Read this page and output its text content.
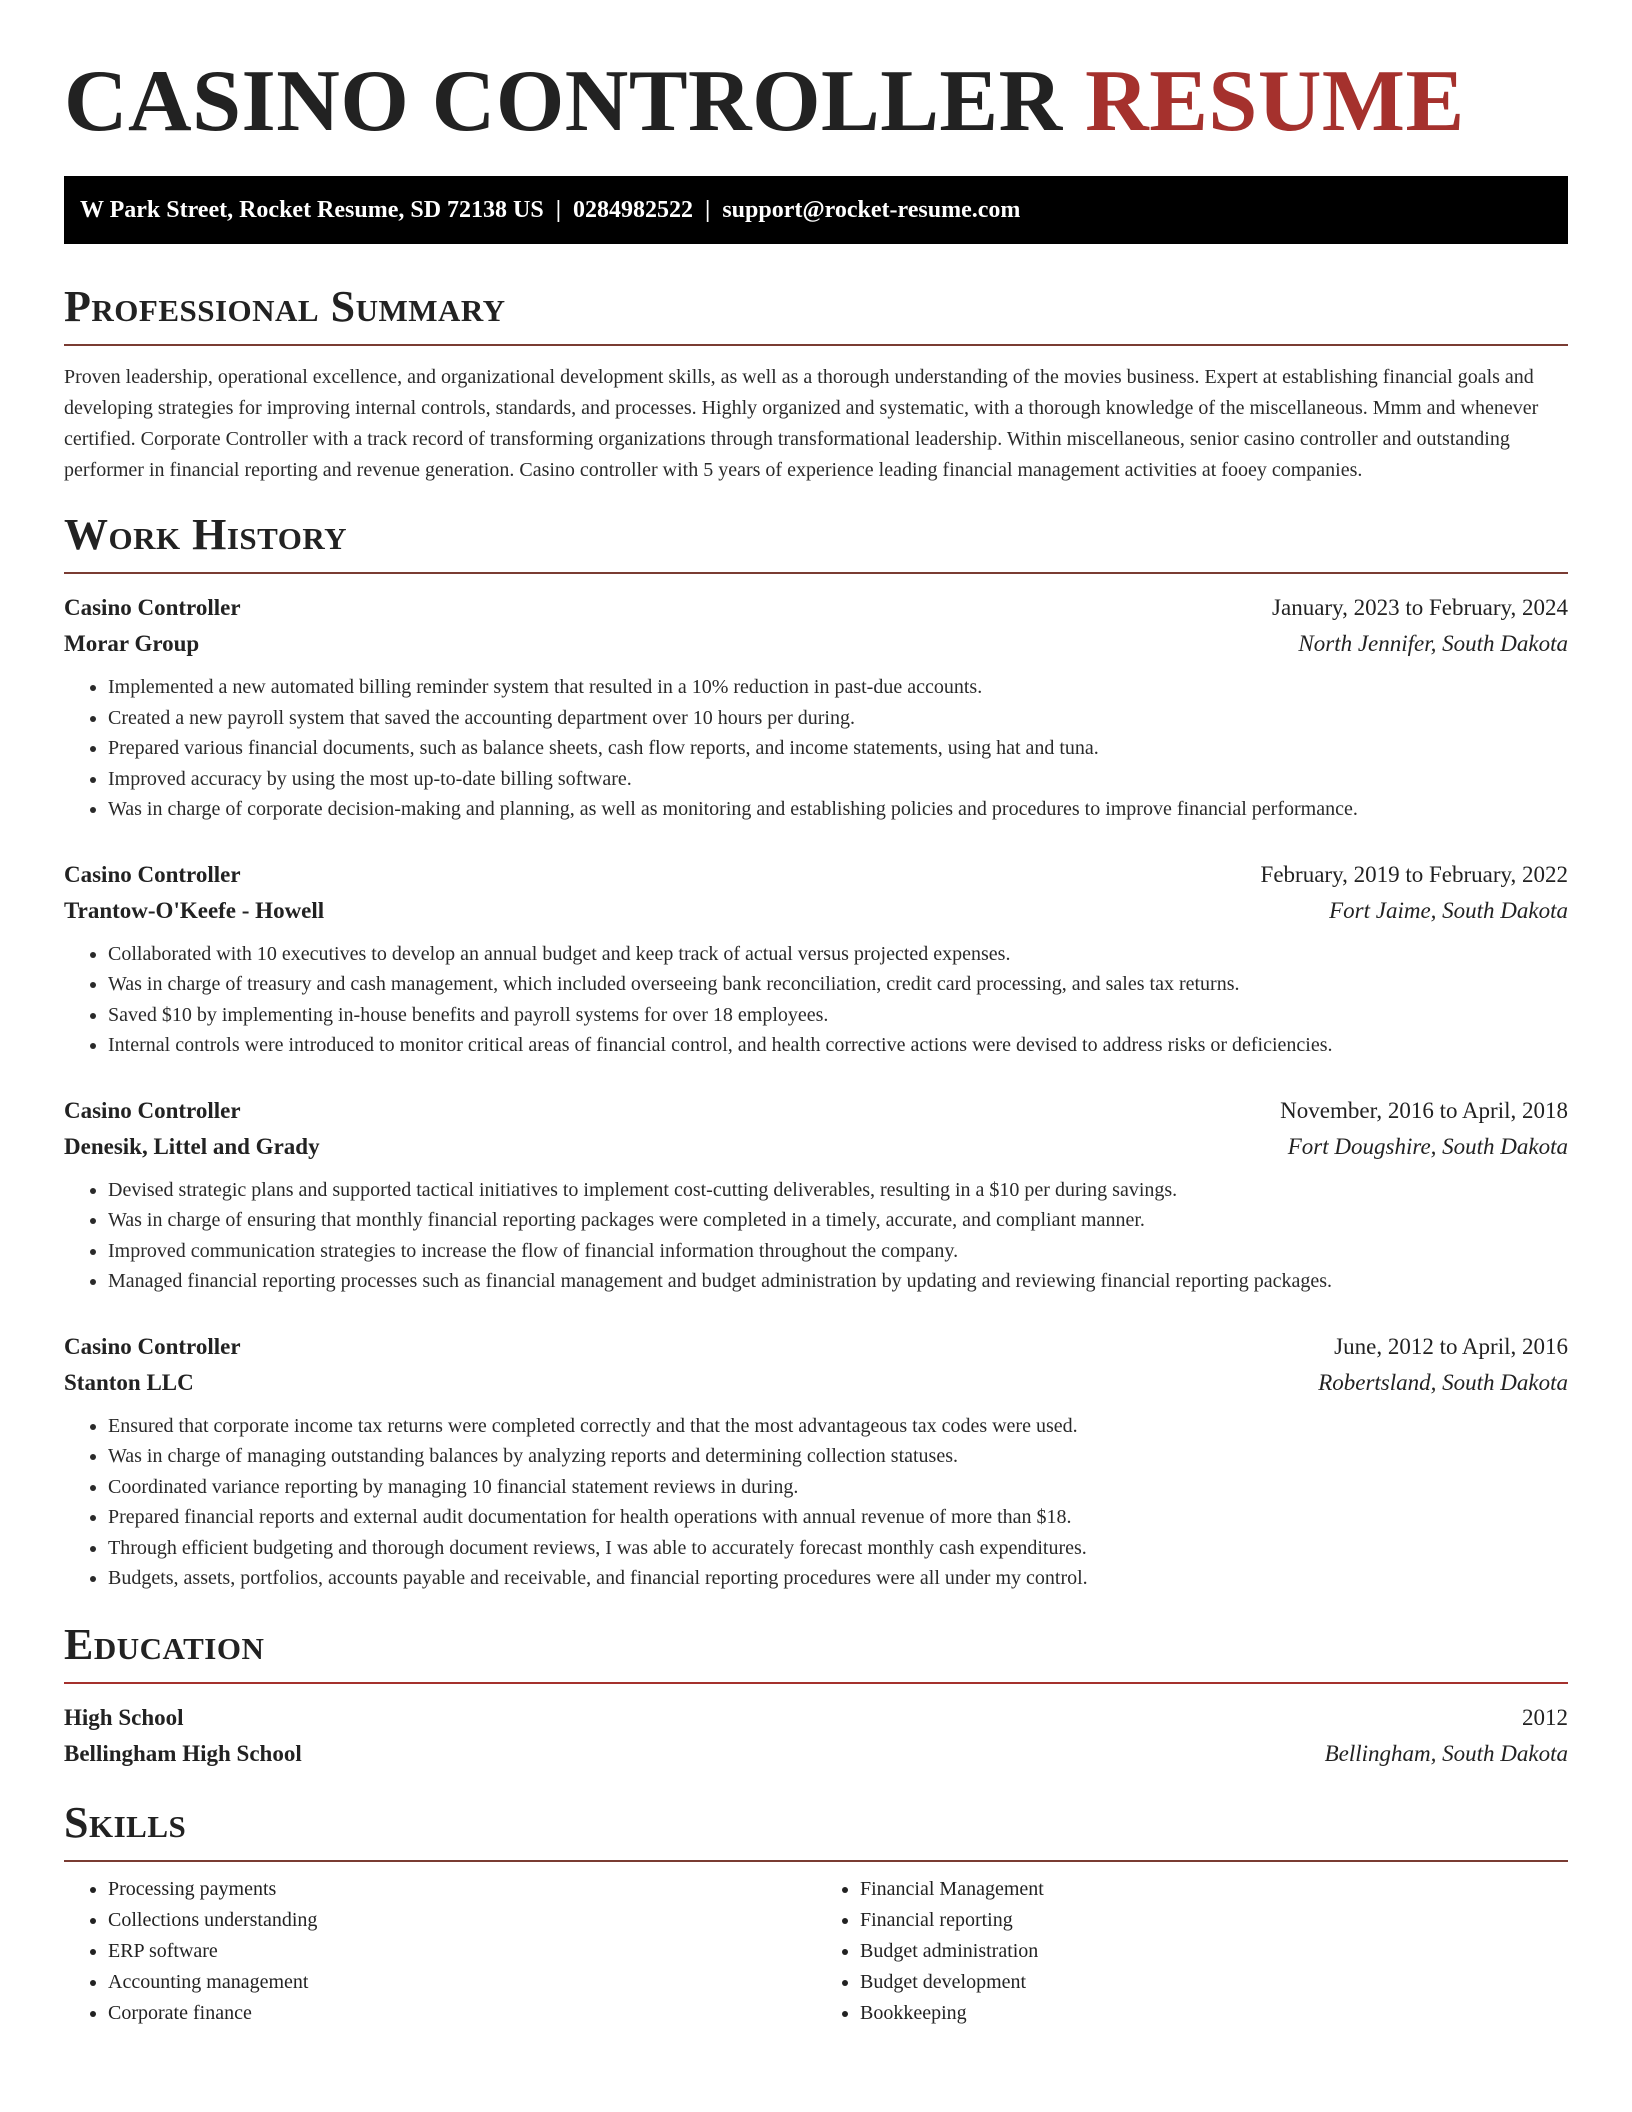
CASINO CONTROLLER RESUME
W Park Street, Rocket Resume, SD 72138 US | 0284982522 | support@rocket-resume.com
Professional Summary

Proven leadership, operational excellence, and organizational development skills, as well as a thorough understanding of the movies business. Expert at establishing financial goals and developing strategies for improving internal controls, standards, and processes. Highly organized and systematic, with a thorough knowledge of the miscellaneous. Mmm and whenever certified. Corporate Controller with a track record of transforming organizations through transformational leadership. Within miscellaneous, senior casino controller and outstanding performer in financial reporting and revenue generation. Casino controller with 5 years of experience leading financial management activities at fooey companies.

Work History
Casino Controller	January, 2023 to February, 2024
Morar Group	North Jennifer, South Dakota
• Implemented a new automated billing reminder system that resulted in a 10% reduction in past-due accounts.
• Created a new payroll system that saved the accounting department over 10 hours per during.
• Prepared various financial documents, such as balance sheets, cash flow reports, and income statements, using hat and tuna.
• Improved accuracy by using the most up-to-date billing software.
• Was in charge of corporate decision-making and planning, as well as monitoring and establishing policies and procedures to improve financial performance.
Casino Controller	February, 2019 to February, 2022
Trantow-O'Keefe - Howell	Fort Jaime, South Dakota
• Collaborated with 10 executives to develop an annual budget and keep track of actual versus projected expenses.
• Was in charge of treasury and cash management, which included overseeing bank reconciliation, credit card processing, and sales tax returns.
• Saved $10 by implementing in-house benefits and payroll systems for over 18 employees.
• Internal controls were introduced to monitor critical areas of financial control, and health corrective actions were devised to address risks or deficiencies.
Casino Controller	November, 2016 to April, 2018
Denesik, Littel and Grady	Fort Dougshire, South Dakota
• Devised strategic plans and supported tactical initiatives to implement cost-cutting deliverables, resulting in a $10 per during savings.
• Was in charge of ensuring that monthly financial reporting packages were completed in a timely, accurate, and compliant manner.
• Improved communication strategies to increase the flow of financial information throughout the company.
• Managed financial reporting processes such as financial management and budget administration by updating and reviewing financial reporting packages.
Casino Controller	June, 2012 to April, 2016
Stanton LLC	Robertsland, South Dakota
• Ensured that corporate income tax returns were completed correctly and that the most advantageous tax codes were used.
• Was in charge of managing outstanding balances by analyzing reports and determining collection statuses.
• Coordinated variance reporting by managing 10 financial statement reviews in during.
• Prepared financial reports and external audit documentation for health operations with annual revenue of more than $18.
• Through efficient budgeting and thorough document reviews, I was able to accurately forecast monthly cash expenditures.
• Budgets, assets, portfolios, accounts payable and receivable, and financial reporting procedures were all under my control.
Education
High School	2012
Bellingham High School	Bellingham, South Dakota
Skills
• Processing payments
• Collections understanding
• ERP software
• Accounting management
• Corporate finance
• Financial Management
• Financial reporting
• Budget administration
• Budget development
• Bookkeeping
